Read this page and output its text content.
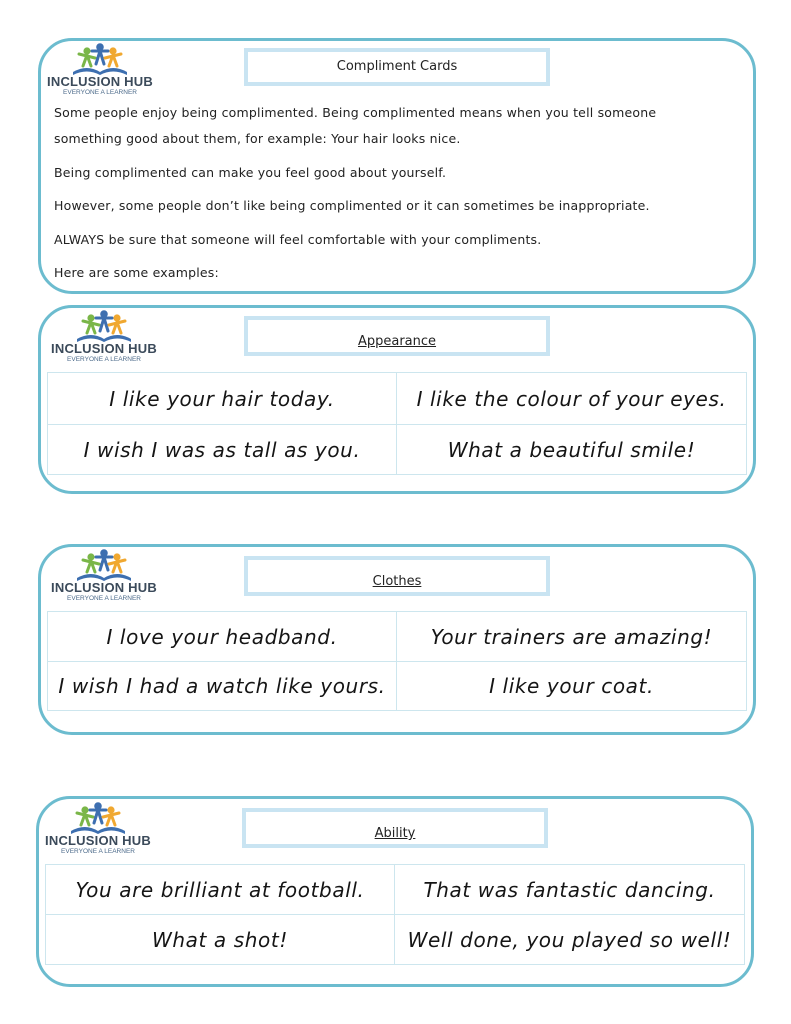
INCLUSION HUB
EVERYONE A LEARNER
Compliment Cards

Some people enjoy being complimented. Being complimented means when you tell someone

something good about them, for example: Your hair looks nice.

Being complimented can make you feel good about yourself.

However, some people don’t like being complimented or it can sometimes be inappropriate.

ALWAYS be sure that someone will feel comfortable with your compliments.

Here are some examples:

INCLUSION HUB
EVERYONE A LEARNER
Appearance
I like your hair today.	I like the colour of your eyes.
I wish I was as tall as you.	What a beautiful smile!
INCLUSION HUB
EVERYONE A LEARNER
Clothes
I love your headband.	Your trainers are amazing!
I wish I had a watch like yours.	I like your coat.
INCLUSION HUB
EVERYONE A LEARNER
Ability
You are brilliant at football.	That was fantastic dancing.
What a shot!	Well done, you played so well!
